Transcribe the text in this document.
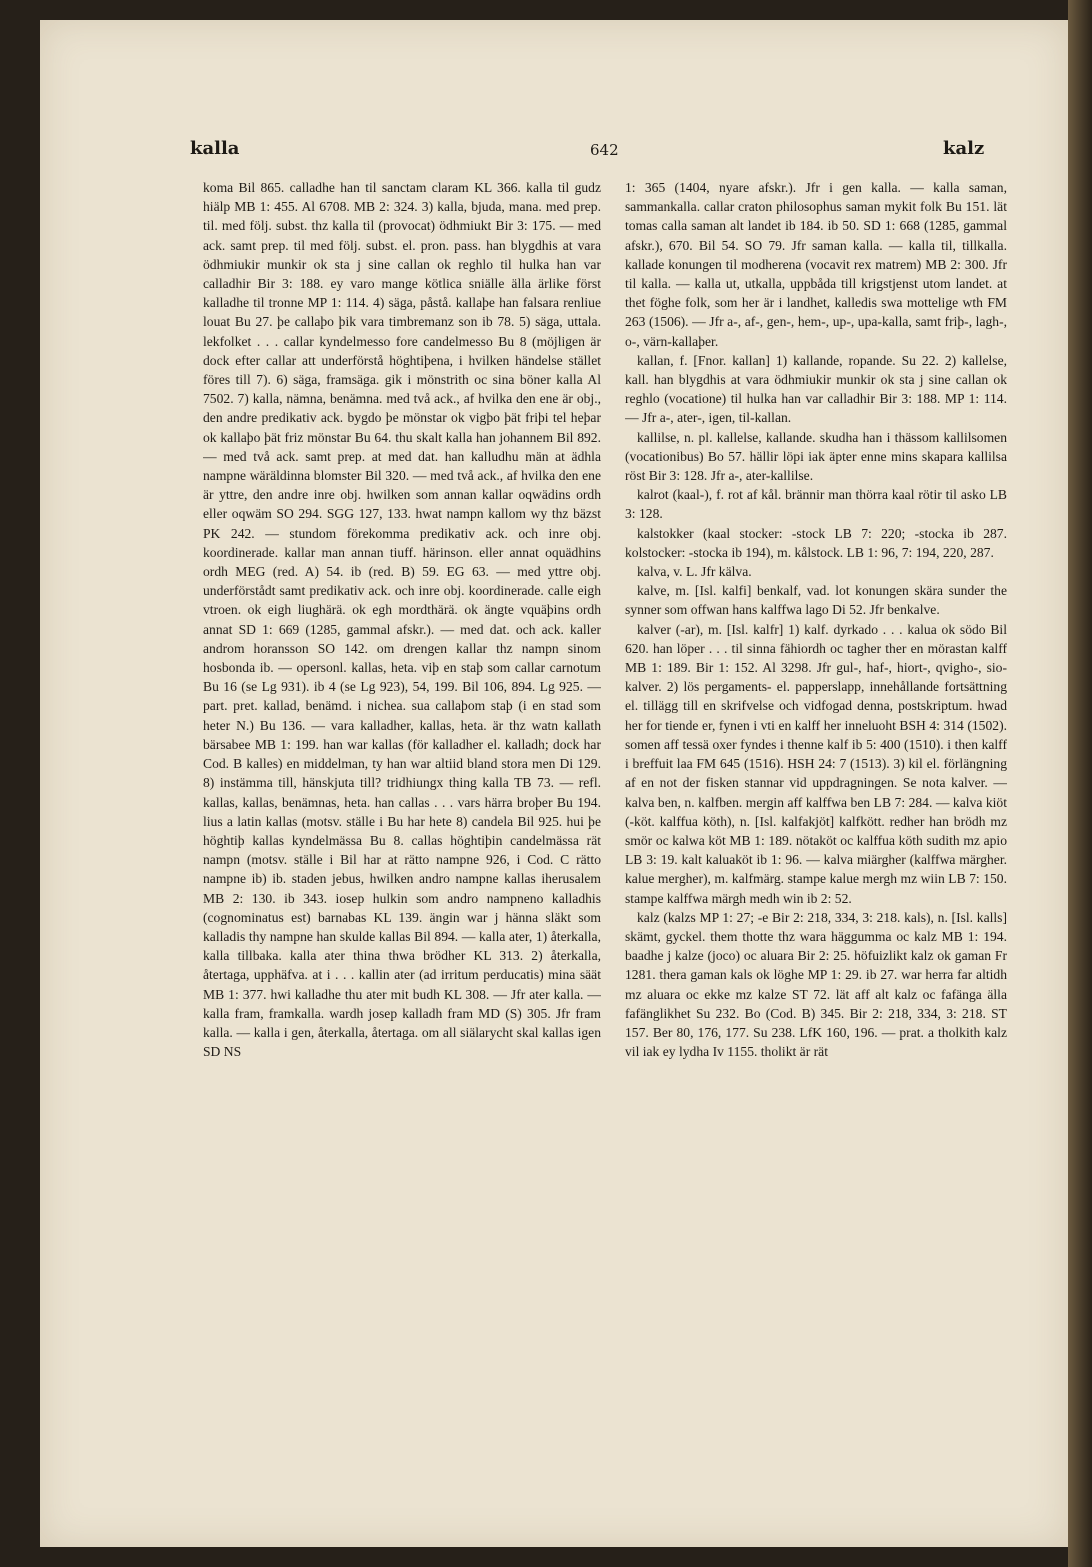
kalla	642	kalz

koma Bil 865. calladhe han til sanctam claram KL 366. kalla til gudz hiälp MB 1: 455. Al 6708. MB 2: 324. 3) kalla, bjuda, mana. med prep. til. med följ. subst. thz kalla til (provocat) ödhmiukt Bir 3: 175. — med ack. samt prep. til med följ. subst. el. pron. pass. han blygdhis at vara ödhmiukir munkir ok sta j sine callan ok reghlo til hulka han var calladhir Bir 3: 188. ey varo mange kötlica sniälle älla ärlike först kalladhe til tronne MP 1: 114. 4) säga, påstå. kallaþe han falsara renliue louat Bu 27. þe callaþo þik vara timbremanz son ib 78. 5) säga, uttala. lekfolket . . . callar kyndelmesso fore candelmesso Bu 8 (möjligen är dock efter callar att underförstå höghtiþena, i hvilken händelse stället föres till 7). 6) säga, framsäga. gik i mönstrith oc sina böner kalla Al 7502. 7) kalla, nämna, benämna. med två ack., af hvilka den ene är obj., den andre predikativ ack. bygdo þe mönstar ok vigþo þät friþi tel heþar ok kallaþo þät friz mönstar Bu 64. thu skalt kalla han johannem Bil 892. — med två ack. samt prep. at med dat. han kalludhu män at ädhla nampne wäräldinna blomster Bil 320. — med två ack., af hvilka den ene är yttre, den andre inre obj. hwilken som annan kallar oqwädins ordh eller oqwäm SO 294. SGG 127, 133. hwat nampn kallom wy thz bäzst PK 242. — stundom förekomma predikativ ack. och inre obj. koordinerade. kallar man annan tiuff. härinson. eller annat oquädhins ordh MEG (red. A) 54. ib (red. B) 59. EG 63. — med yttre obj. underförstådt samt predikativ ack. och inre obj. koordinerade. calle eigh vtroen. ok eigh liughärä. ok egh mordthärä. ok ängte vquäþins ordh annat SD 1: 669 (1285, gammal afskr.). — med dat. och ack. kaller androm horansson SO 142. om drengen kallar thz nampn sinom hosbonda ib. — opersonl. kallas, heta. viþ en staþ som callar carnotum Bu 16 (se Lg 931). ib 4 (se Lg 923), 54, 199. Bil 106, 894. Lg 925. — part. pret. kallad, benämd. i nichea. sua callaþom staþ (i en stad som heter N.) Bu 136. — vara kalladher, kallas, heta. är thz watn kallath bärsabee MB 1: 199. han war kallas (för kalladher el. kalladh; dock har Cod. B kalles) en middelman, ty han war altiid bland stora men Di 129. 8) instämma till, hänskjuta till? tridhiungx thing kalla TB 73. — refl. kallas, kallas, benämnas, heta. han callas . . . vars härra broþer Bu 194. lius a latin kallas (motsv. ställe i Bu har hete 8) candela Bil 925. hui þe höghtiþ kallas kyndelmässa Bu 8. callas höghtiþin candelmässa rät nampn (motsv. ställe i Bil har at rätto nampne 926, i Cod. C rätto nampne ib) ib. staden jebus, hwilken andro nampne kallas iherusalem MB 2: 130. ib 343. iosep hulkin som andro nampneno kalladhis (cognominatus est) barnabas KL 139. ängin war j hänna släkt som kalladis thy nampne han skulde kallas Bil 894. — kalla ater, 1) återkalla, kalla tillbaka. kalla ater thina thwa brödher KL 313. 2) återkalla, återtaga, upphäfva. at i . . . kallin ater (ad irritum perducatis) mina säät MB 1: 377. hwi kalladhe thu ater mit budh KL 308. — Jfr ater kalla. — kalla fram, framkalla. wardh josep kalladh fram MD (S) 305. Jfr fram kalla. — kalla i gen, återkalla, återtaga. om all siälarycht skal kallas igen SD NS

1: 365 (1404, nyare afskr.). Jfr i gen kalla. — kalla saman, sammankalla. callar craton philosophus saman mykit folk Bu 151. lät tomas calla saman alt landet ib 184. ib 50. SD 1: 668 (1285, gammal afskr.), 670. Bil 54. SO 79. Jfr saman kalla. — kalla til, tillkalla. kallade konungen til modherena (vocavit rex matrem) MB 2: 300. Jfr til kalla. — kalla ut, utkalla, uppbåda till krigstjenst utom landet. at thet föghe folk, som her är i landhet, kalledis swa mottelige wth FM 263 (1506). — Jfr a-, af-, gen-, hem-, up-, upa-kalla, samt friþ-, lagh-, o-, värn-kallaþer.

kallan, f. [Fnor. kallan] 1) kallande, ropande. Su 22. 2) kallelse, kall. han blygdhis at vara ödhmiukir munkir ok sta j sine callan ok reghlo (vocatione) til hulka han var calladhir Bir 3: 188. MP 1: 114. — Jfr a-, ater-, igen, til-kallan.

kallilse, n. pl. kallelse, kallande. skudha han i thässom kallilsomen (vocationibus) Bo 57. hällir löpi iak äpter enne mins skapara kallilsa röst Bir 3: 128. Jfr a-, ater-kallilse.

kalrot (kaal-), f. rot af kål. brännir man thörra kaal rötir til asko LB 3: 128.

kalstokker (kaal stocker: -stock LB 7: 220; -stocka ib 287. kolstocker: -stocka ib 194), m. kålstock. LB 1: 96, 7: 194, 220, 287.

kalva, v. L. Jfr kälva.

kalve, m. [Isl. kalfi] benkalf, vad. lot konungen skära sunder the synner som offwan hans kalffwa lago Di 52. Jfr benkalve.

kalver (-ar), m. [Isl. kalfr] 1) kalf. dyrkado . . . kalua ok södo Bil 620. han löper . . . til sinna fähiordh oc tagher ther en mörastan kalff MB 1: 189. Bir 1: 152. Al 3298. Jfr gul-, haf-, hiort-, qvigho-, sio-kalver. 2) lös pergaments- el. papperslapp, innehållande fortsättning el. tillägg till en skrifvelse och vidfogad denna, postskriptum. hwad her for tiende er, fynen i vti en kalff her inneluoht BSH 4: 314 (1502). somen aff tessä oxer fyndes i thenne kalf ib 5: 400 (1510). i then kalff i breffuit laa FM 645 (1516). HSH 24: 7 (1513). 3) kil el. förlängning af en not der fisken stannar vid uppdragningen. Se nota kalver. — kalva ben, n. kalfben. mergin aff kalffwa ben LB 7: 284. — kalva kiöt (-köt. kalffua köth), n. [Isl. kalfakjöt] kalfkött. redher han brödh mz smör oc kalwa köt MB 1: 189. nötaköt oc kalffua köth sudith mz apio LB 3: 19. kalt kaluaköt ib 1: 96. — kalva miärgher (kalffwa märgher. kalue mergher), m. kalfmärg. stampe kalue mergh mz wiin LB 7: 150. stampe kalffwa märgh medh win ib 2: 52.

kalz (kalzs MP 1: 27; -e Bir 2: 218, 334, 3: 218. kals), n. [Isl. kalls] skämt, gyckel. them thotte thz wara häggumma oc kalz MB 1: 194. baadhe j kalze (joco) oc aluara Bir 2: 25. höfuizlikt kalz ok gaman Fr 1281. thera gaman kals ok löghe MP 1: 29. ib 27. war herra far altidh mz aluara oc ekke mz kalze ST 72. lät aff alt kalz oc fafänga älla fafänglikhet Su 232. Bo (Cod. B) 345. Bir 2: 218, 334, 3: 218. ST 157. Ber 80, 176, 177. Su 238. LfK 160, 196. — prat. a tholkith kalz vil iak ey lydha Iv 1155. tholikt är rät
